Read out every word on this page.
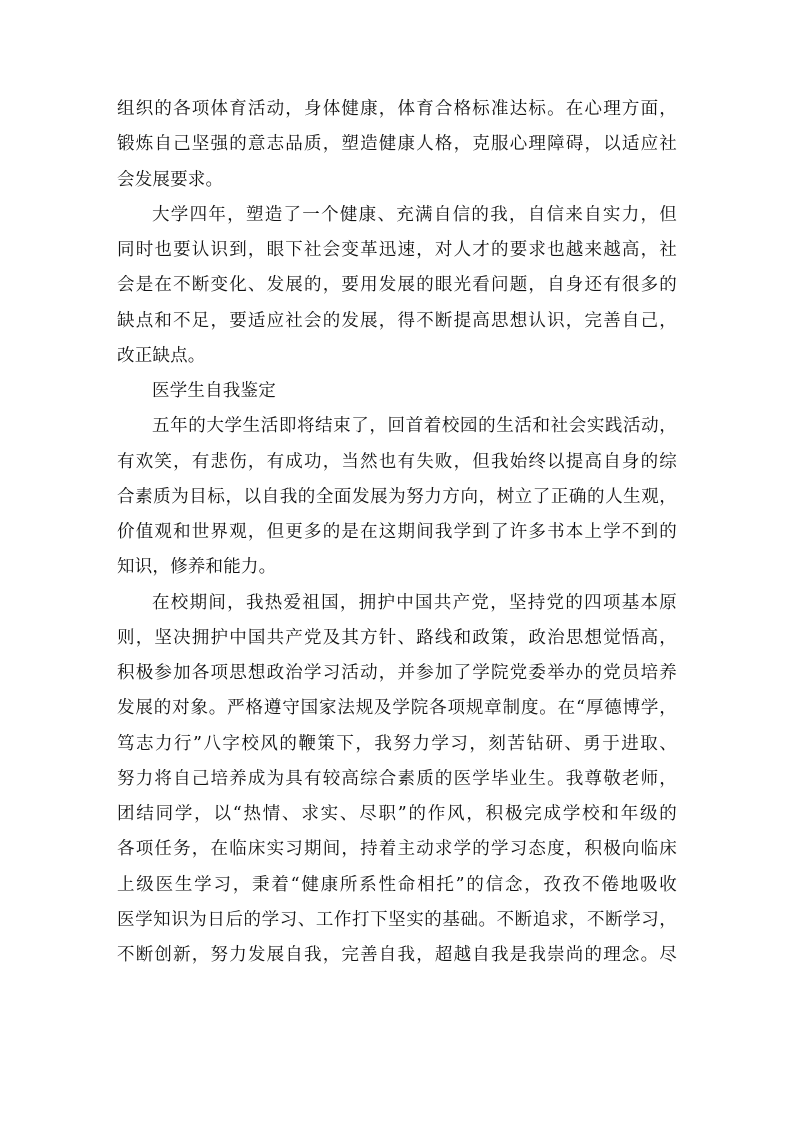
组织的各项体育活动，身体健康，体育合格标准达标。在心理方面，
锻炼自己坚强的意志品质，塑造健康人格，克服心理障碍，以适应社
会发展要求。
大学四年，塑造了一个健康、充满自信的我，自信来自实力，但
同时也要认识到，眼下社会变革迅速，对人才的要求也越来越高，社
会是在不断变化、发展的，要用发展的眼光看问题，自身还有很多的
缺点和不足，要适应社会的发展，得不断提高思想认识，完善自己，
改正缺点。
医学生自我鉴定
五年的大学生活即将结束了，回首着校园的生活和社会实践活动，
有欢笑，有悲伤，有成功，当然也有失败，但我始终以提高自身的综
合素质为目标，以自我的全面发展为努力方向，树立了正确的人生观，
价值观和世界观，但更多的是在这期间我学到了许多书本上学不到的
知识，修养和能力。
在校期间，我热爱祖国，拥护中国共产党，坚持党的四项基本原
则，坚决拥护中国共产党及其方针、路线和政策，政治思想觉悟高，
积极参加各项思想政治学习活动，并参加了学院党委举办的党员培养
发展的对象。严格遵守国家法规及学院各项规章制度。在“厚德博学，
笃志力行”八字校风的鞭策下，我努力学习，刻苦钻研、勇于进取、
努力将自己培养成为具有较高综合素质的医学毕业生。我尊敬老师，
团结同学，以“热情、求实、尽职”的作风，积极完成学校和年级的
各项任务，在临床实习期间，持着主动求学的学习态度，积极向临床
上级医生学习，秉着“健康所系性命相托”的信念，孜孜不倦地吸收
医学知识为日后的学习、工作打下坚实的基础。不断追求，不断学习，
不断创新，努力发展自我，完善自我，超越自我是我崇尚的理念。尽
